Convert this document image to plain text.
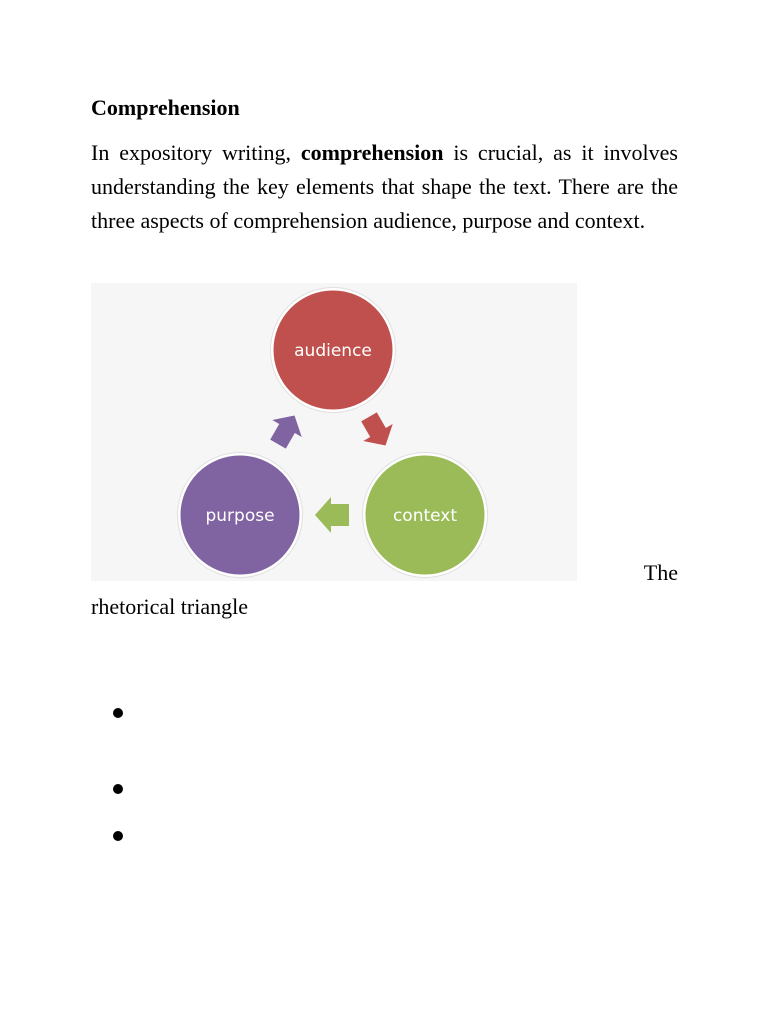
Comprehension

In expository writing, comprehension is crucial, as it involves understanding the key elements that shape the text. There are the three aspects of comprehension audience, purpose and context.

audience
context
purpose

The

rhetorical triangle
